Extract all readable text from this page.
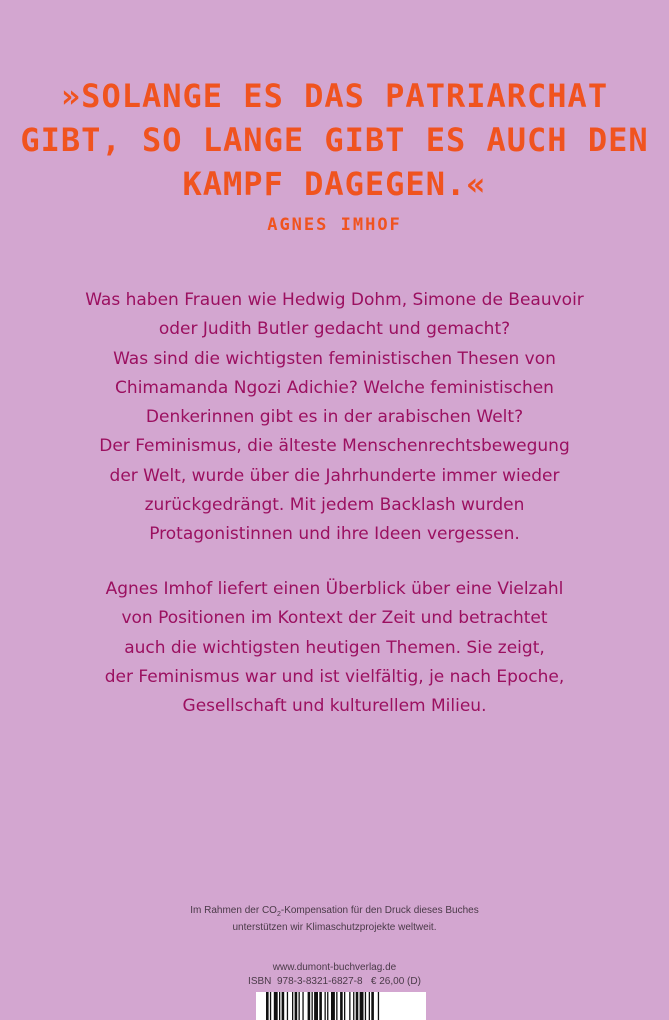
»SOLANGE ES DAS PATRIARCHAT
GIBT, SO LANGE GIBT ES AUCH DEN
KAMPF DAGEGEN.«
AGNES IMHOF
Was haben Frauen wie Hedwig Dohm, Simone de Beauvoir
oder Judith Butler gedacht und gemacht?
Was sind die wichtigsten feministischen Thesen von
Chimamanda Ngozi Adichie? Welche feministischen
Denkerinnen gibt es in der arabischen Welt?
Der Feminismus, die älteste Menschenrechtsbewegung
der Welt, wurde über die Jahrhunderte immer wieder
zurückgedrängt. Mit jedem Backlash wurden
Protagonistinnen und ihre Ideen vergessen.
Agnes Imhof liefert einen Überblick über eine Vielzahl
von Positionen im Kontext der Zeit und betrachtet
auch die wichtigsten heutigen Themen. Sie zeigt,
der Feminismus war und ist vielfältig, je nach Epoche,
Gesellschaft und kulturellem Milieu.
Im Rahmen der $CO_2$-Kompensation für den Druck dieses Buches
unterstützen wir Klimaschutzprojekte weltweit.
www.dumont-buchverlag.de
ISBN  978-3-8321-6827-8   € 26,00 (D)
